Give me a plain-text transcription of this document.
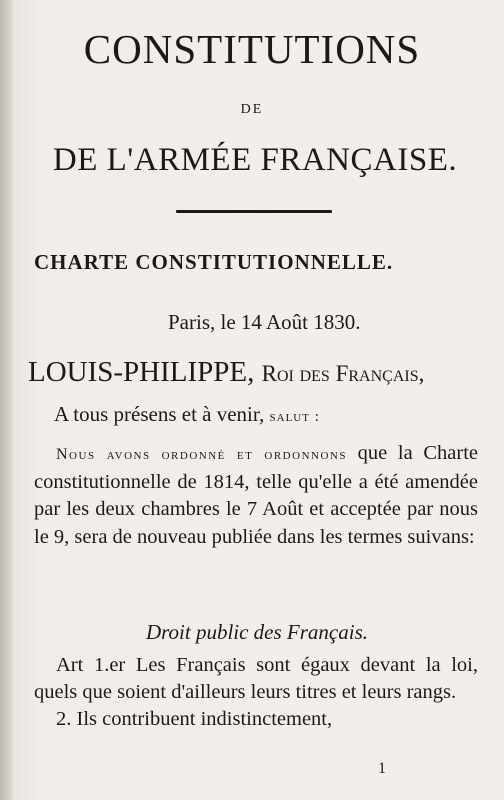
CONSTITUTIONS
DE
DE L'ARMÉE FRANÇAISE.
CHARTE CONSTITUTIONNELLE.
Paris, le 14 Août 1830.
LOUIS-PHILIPPE, Roi des Français,
A tous présens et à venir, salut :
Nous avons ordonné et ordonnons que la Charte constitutionnelle de 1814, telle qu'elle a été amendée par les deux chambres le 7 Août et acceptée par nous le 9, sera de nouveau publiée dans les termes suivans:
Droit public des Français.
Art 1.er Les Français sont égaux devant la loi, quels que soient d'ailleurs leurs titres et leurs rangs.
2. Ils contribuent indistinctement,
1
